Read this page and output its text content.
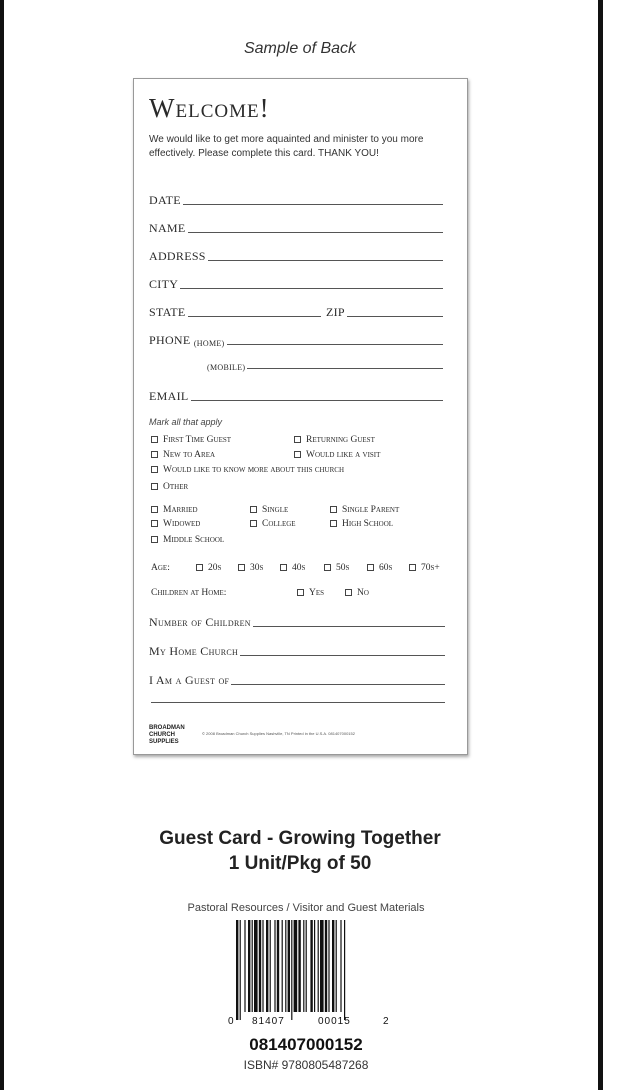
Sample of Back
Welcome!
We would like to get more aquainted and minister to you more effectively. Please complete this card. THANK YOU!
DATE
NAME
ADDRESS
CITY
STATE	ZIP
PHONE
(HOME)
(MOBILE)
EMAIL
Mark all that apply
First Time Guest	Returning Guest
New to Area	Would like a visit
Would like to know more about this church
Other
Married	Single	Single Parent
Widowed	College	High School
Middle School
Age:	20s	30s	40s	50s	60s	70s+
Children at Home:	Yes	No
Number of Children
My Home Church
I Am a Guest of
BROADMAN CHURCH SUPPLIES
© 2008 Broadman Church Supplies Nashville, TN Printed in the U.S.A. 081407000152
Guest Card - Growing Together
1 Unit/Pkg of 50
Pastoral Resources / Visitor and Guest Materials
0 81407	00015	2
081407000152
ISBN# 9780805487268
